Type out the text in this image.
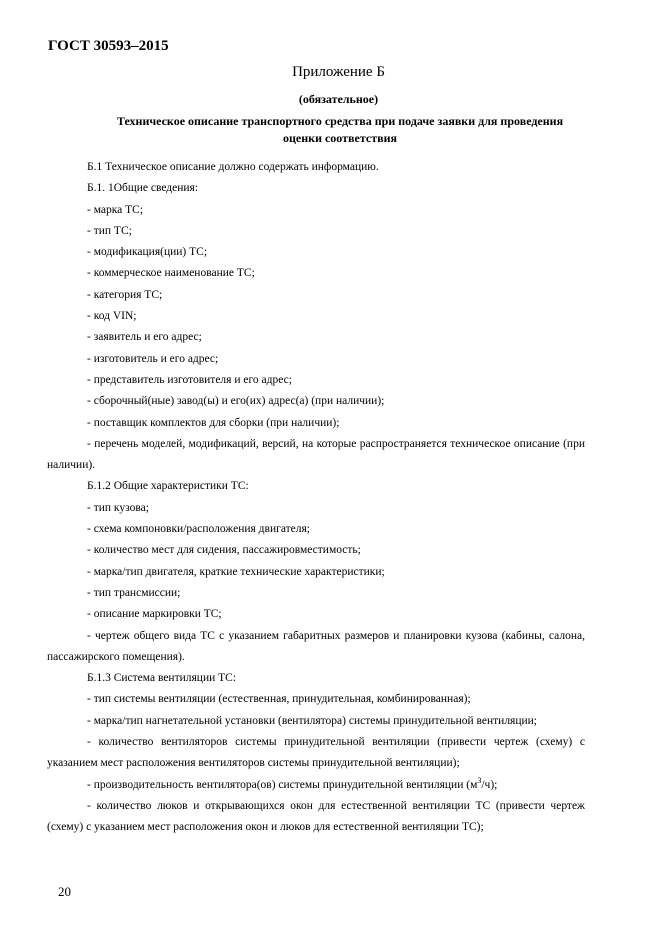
ГОСТ 30593–2015
Приложение Б
(обязательное)
Техническое описание транспортного средства при подаче заявки для проведения оценки соответствия

Б.1 Техническое описание должно содержать информацию.

Б.1. 1Общие сведения:

- марка ТС;

- тип ТС;

- модификация(ции) ТС;

- коммерческое наименование ТС;

- категория ТС;

- код VIN;

- заявитель и его адрес;

- изготовитель и его адрес;

- представитель изготовителя и его адрес;

- сборочный(ные) завод(ы) и его(их) адрес(а) (при наличии);

- поставщик комплектов для сборки (при наличии);

- перечень моделей, модификаций, версий, на которые распространяется техническое описание (при наличии).

Б.1.2 Общие характеристики ТС:

- тип кузова;

- схема компоновки/расположения двигателя;

- количество мест для сидения, пассажировместимость;

- марка/тип двигателя, краткие технические характеристики;

- тип трансмиссии;

- описание маркировки ТС;

- чертеж общего вида ТС с указанием габаритных размеров и планировки кузова (кабины, салона, пассажирского помещения).

Б.1.3 Система вентиляции ТС:

- тип системы вентиляции (естественная, принудительная, комбинированная);

- марка/тип нагнетательной установки (вентилятора) системы принудительной вентиляции;

- количество вентиляторов системы принудительной вентиляции (привести чертеж (схему) с указанием мест расположения вентиляторов системы принудительной вентиляции);

- производительность вентилятора(ов) системы принудительной вентиляции $(м^3/ч)$;

- количество люков и открывающихся окон для естественной вентиляции ТС (привести чертеж (схему) с указанием мест расположения окон и люков для естественной вентиляции ТС);

20
